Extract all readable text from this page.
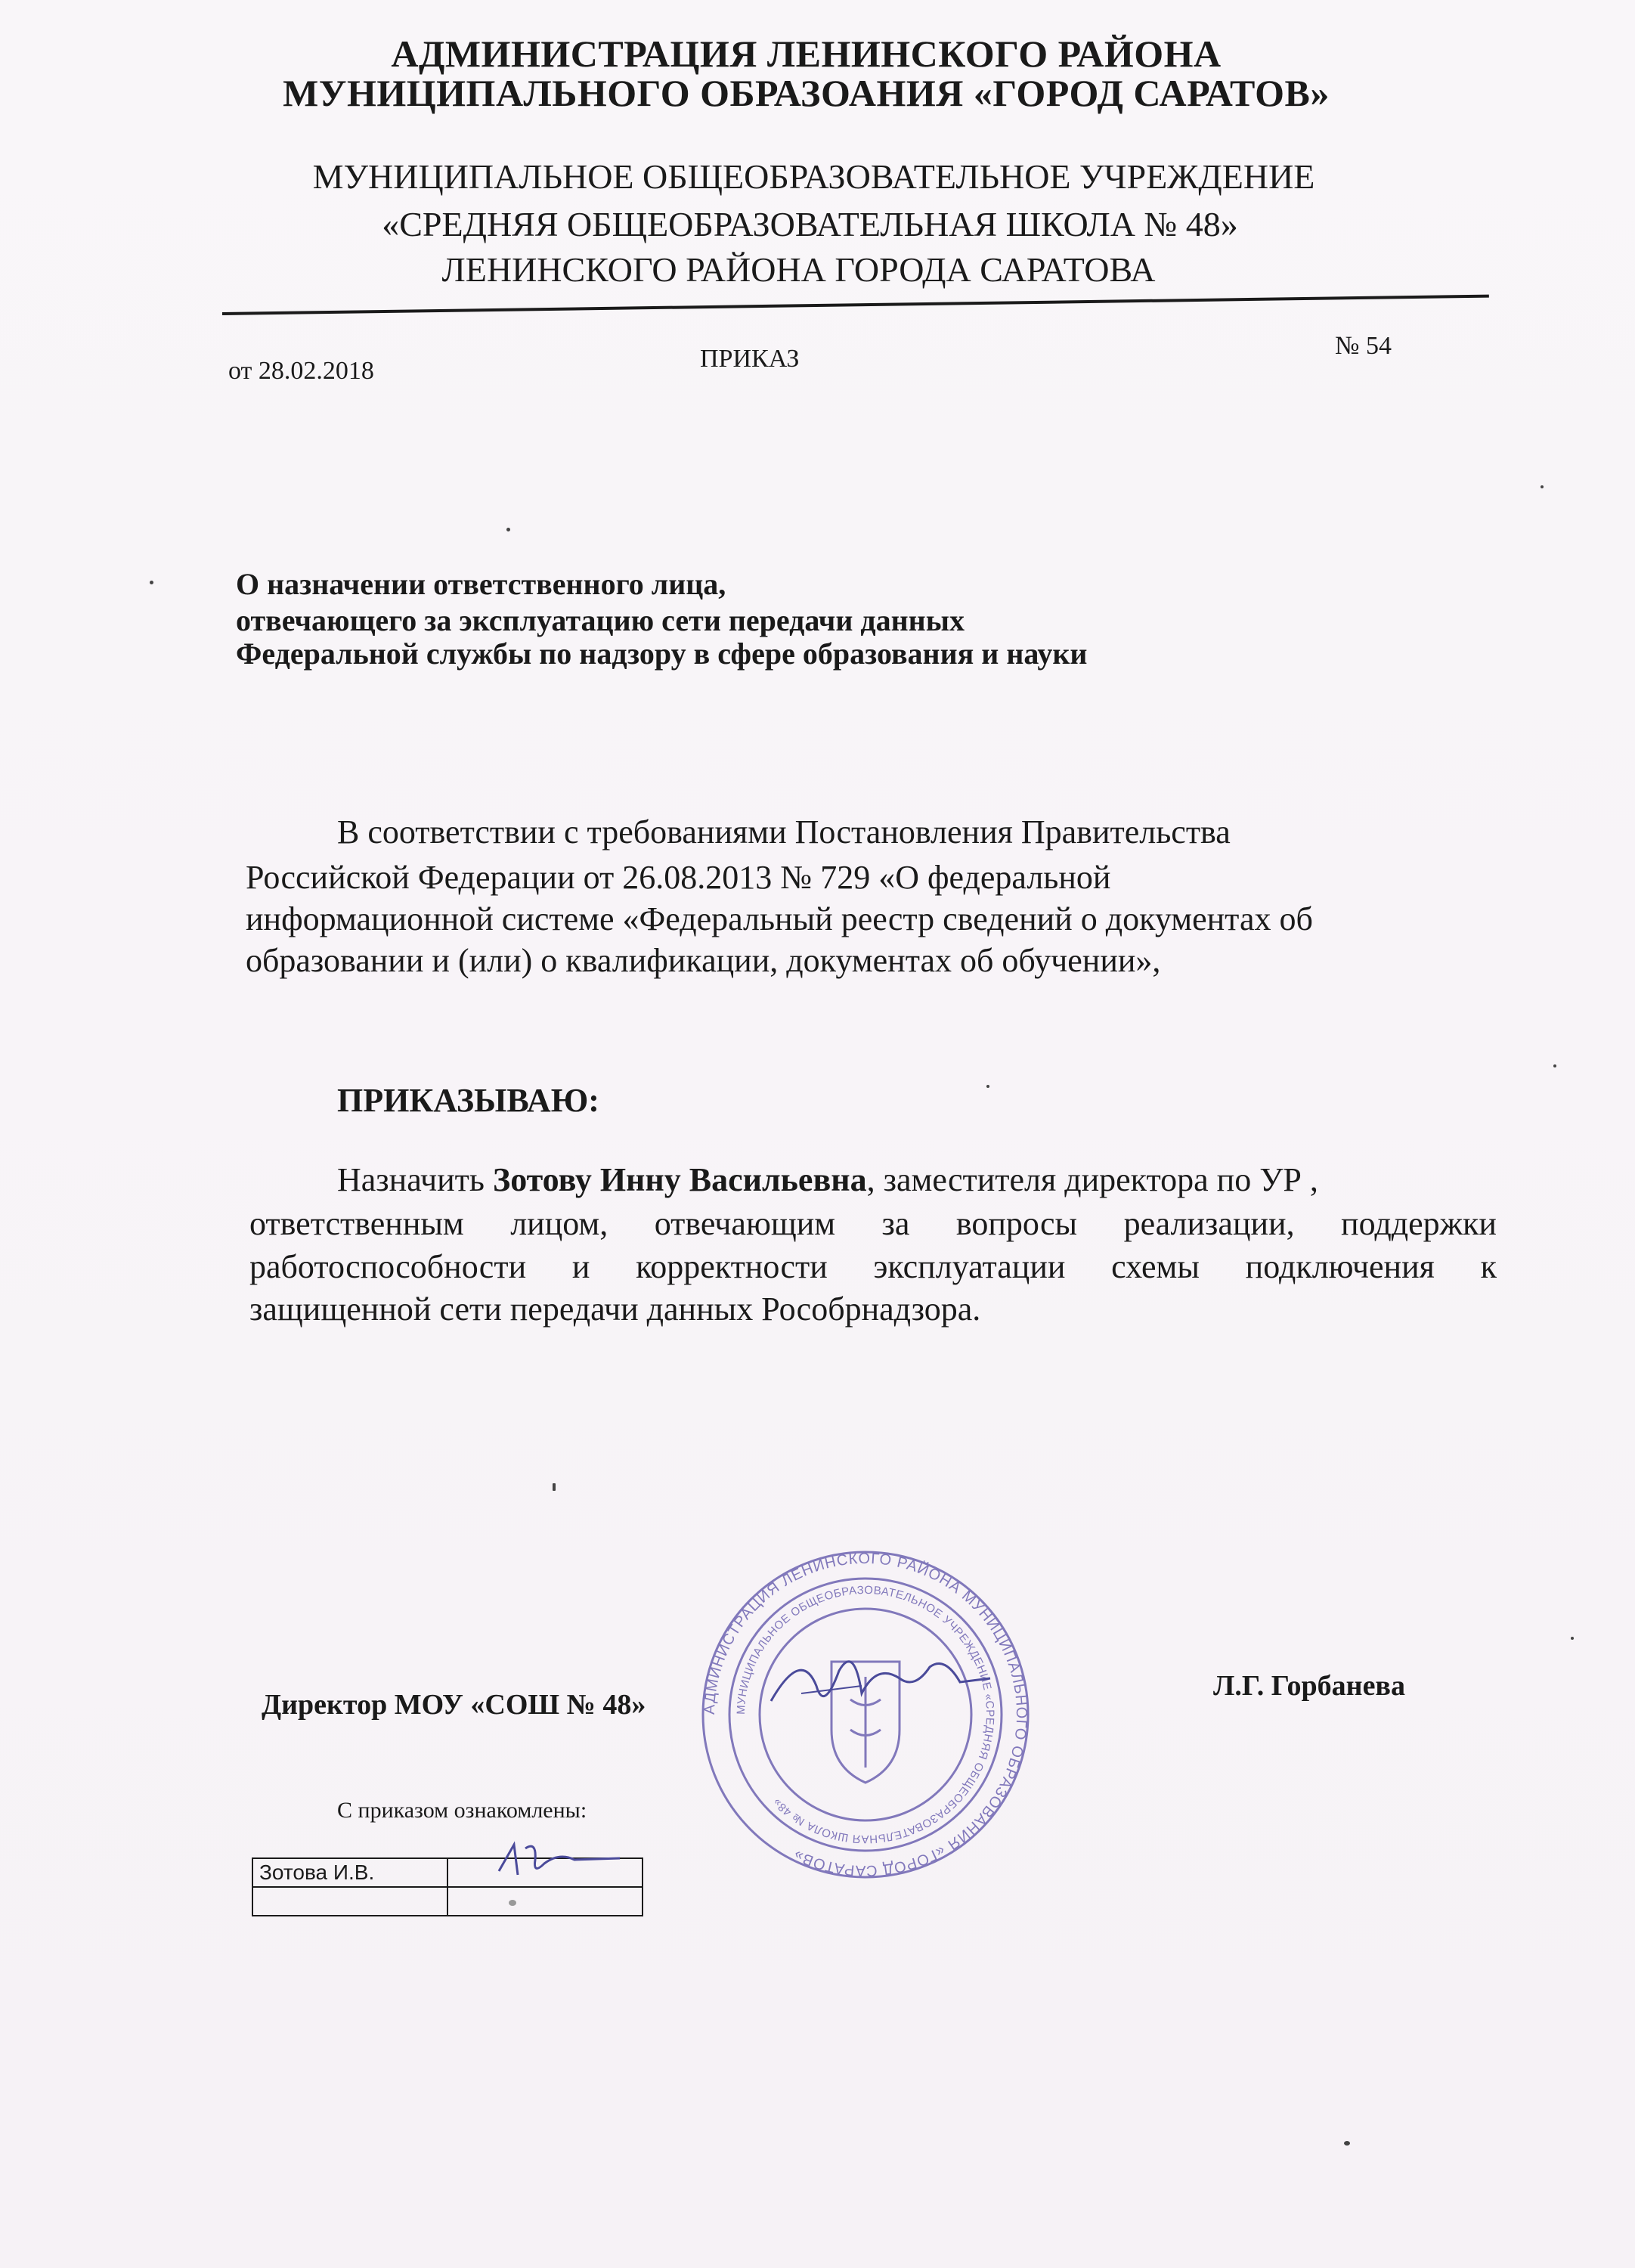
АДМИНИСТРАЦИЯ ЛЕНИНСКОГО РАЙОНА
МУНИЦИПАЛЬНОГО ОБРАЗОАНИЯ «ГОРОД САРАТОВ»
МУНИЦИПАЛЬНОЕ ОБЩЕОБРАЗОВАТЕЛЬНОЕ УЧРЕЖДЕНИЕ
«СРЕДНЯЯ ОБЩЕОБРАЗОВАТЕЛЬНАЯ ШКОЛА № 48»
ЛЕНИНСКОГО РАЙОНА ГОРОДА САРАТОВА
от 28.02.2018	ПРИКАЗ	№ 54
О назначении ответственного лица,
отвечающего за эксплуатацию сети передачи данных
Федеральной службы по надзору в сфере образования и науки
В соответствии с требованиями Постановления Правительства
Российской Федерации от 26.08.2013 № 729 «О федеральной
информационной системе «Федеральный реестр сведений о документах об
образовании и (или) о квалификации, документах об обучении»,
ПРИКАЗЫВАЮ:
Назначить Зотову Инну Васильевна, заместителя директора по УР ,
ответственным лицом, отвечающим за вопросы реализации, поддержки
работоспособности и корректности эксплуатации схемы подключения к
защищенной сети передачи данных Рособрнадзора.
АДМИНИСТРАЦИЯ ЛЕНИНСКОГО РАЙОНА МУНИЦИПАЛЬНОГО ОБРАЗОВАНИЯ «ГОРОД САРАТОВ»
МУНИЦИПАЛЬНОЕ ОБЩЕОБРАЗОВАТЕЛЬНОЕ УЧРЕЖДЕНИЕ «СРЕДНЯЯ ОБЩЕОБРАЗОВАТЕЛЬНАЯ ШКОЛА № 48»
Директор МОУ «СОШ № 48»
Л.Г. Горбанева
С приказом ознакомлены:
Зотова И.В.	
